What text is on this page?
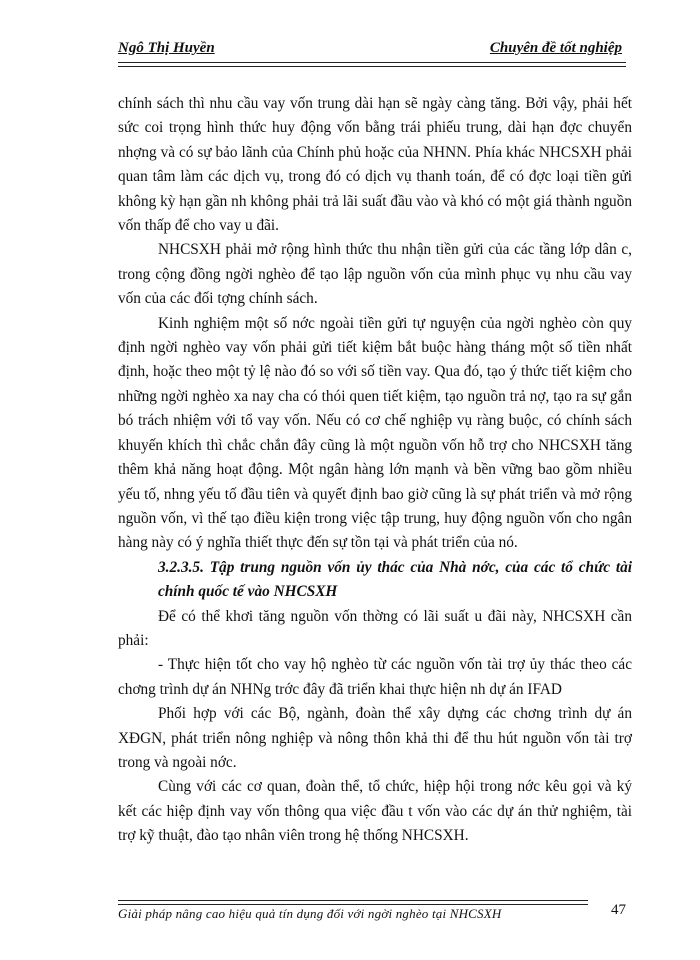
Ngô Thị Huyền	Chuyên đề tốt nghiệp

chính sách thì nhu cầu vay vốn trung dài hạn sẽ ngày càng tăng. Bởi vậy, phải hết sức coi trọng hình thức huy động vốn bằng trái phiếu trung, dài hạn đợc chuyển nhợng và có sự bảo lãnh của Chính phủ hoặc của NHNN. Phía khác NHCSXH phải quan tâm làm các dịch vụ, trong đó có dịch vụ thanh toán, để có đợc loại tiền gửi không kỳ hạn gần nh không phải trả lãi suất đầu vào và khó có một giá thành nguồn vốn thấp để cho vay u đãi.

NHCSXH phải mở rộng hình thức thu nhận tiền gửi của các tầng lớp dân c, trong cộng đồng ngời nghèo để tạo lập nguồn vốn của mình phục vụ nhu cầu vay vốn của các đối tợng chính sách.

Kinh nghiệm một số nớc ngoài tiền gửi tự nguyện của ngời nghèo còn quy định ngời nghèo vay vốn phải gửi tiết kiệm bắt buộc hàng tháng một số tiền nhất định, hoặc theo một tỷ lệ nào đó so với số tiền vay. Qua đó, tạo ý thức tiết kiệm cho những ngời nghèo xa nay cha có thói quen tiết kiệm, tạo nguồn trả nợ, tạo ra sự gắn bó trách nhiệm với tổ vay vốn. Nếu có cơ chế nghiệp vụ ràng buộc, có chính sách khuyến khích thì chắc chắn đây cũng là một nguồn vốn hỗ trợ cho NHCSXH tăng thêm khả năng hoạt động. Một ngân hàng lớn mạnh và bền vững bao gồm nhiều yếu tố, nhng yếu tố đầu tiên và quyết định bao giờ cũng là sự phát triển và mở rộng nguồn vốn, vì thế tạo điều kiện trong việc tập trung, huy động nguồn vốn cho ngân hàng này có ý nghĩa thiết thực đến sự tồn tại và phát triển của nó.

3.2.3.5. Tập trung nguồn vốn ủy thác của Nhà nớc, của các tổ chức tài chính quốc tế vào NHCSXH

Để có thể khơi tăng nguồn vốn thờng có lãi suất u đãi này, NHCSXH cần phải:

- Thực hiện tốt cho vay hộ nghèo từ các nguồn vốn tài trợ ủy thác theo các chơng trình dự án NHNg trớc đây đã triển khai thực hiện nh dự án IFAD

Phối hợp với các Bộ, ngành, đoàn thể xây dựng các chơng trình dự án XĐGN, phát triển nông nghiệp và nông thôn khả thi để thu hút nguồn vốn tài trợ trong và ngoài nớc.

Cùng với các cơ quan, đoàn thể, tổ chức, hiệp hội trong nớc kêu gọi và ký kết các hiệp định vay vốn thông qua việc đầu t vốn vào các dự án thử nghiệm, tài trợ kỹ thuật, đào tạo nhân viên trong hệ thống NHCSXH.

Giải pháp nâng cao hiệu quả tín dụng đối với ngời nghèo tại NHCSXH	47
